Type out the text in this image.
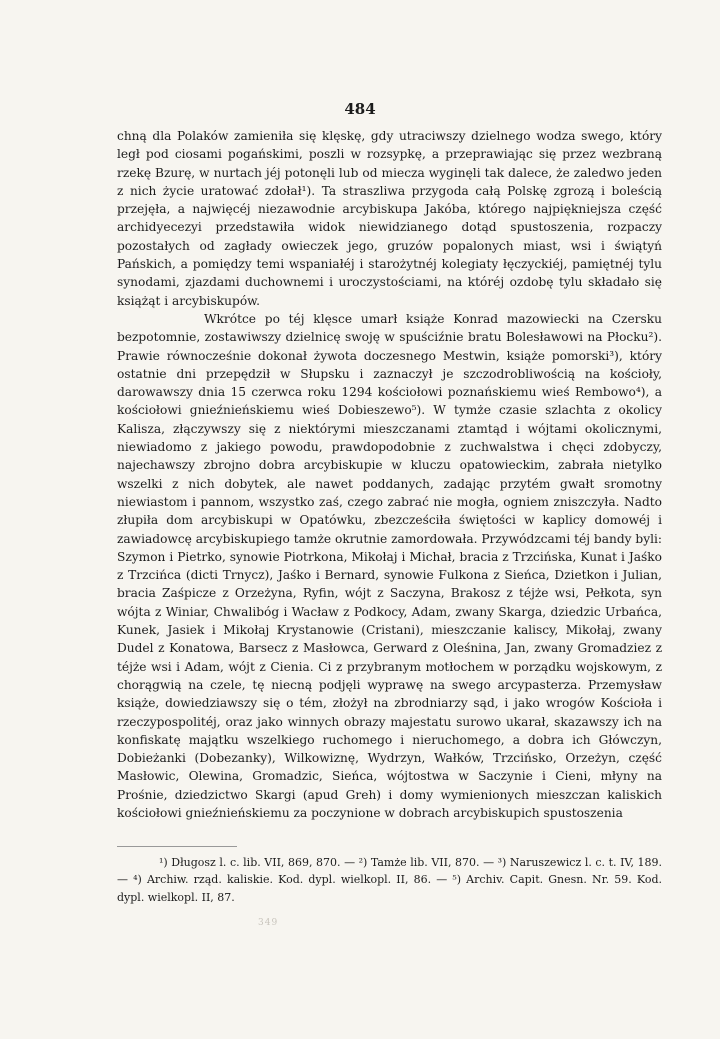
484

chną dla Polaków zamieniła się klęskę, gdy utraciwszy dzielnego wodza swego, który legł pod ciosami pogańskimi, poszli w rozsypkę, a przeprawiając się przez wezbraną rzekę Bzurę, w nurtach jéj potonęli lub od miecza wyginęli tak dalece, że zaledwo jeden z nich życie uratować zdołał¹). Ta straszliwa przygoda całą Polskę zgrozą i boleścią przejęła, a najwięcéj niezawodnie arcybiskupa Jakóba, którego najpiękniejsza część archidyecezyi przedstawiła widok niewidzianego dotąd spustoszenia, rozpaczy pozostałych od zagłady owieczek jego, gruzów popalonych miast, wsi i świątyń Pańskich, a pomiędzy temi wspaniałéj i starożytnéj kolegiaty łęczyckiéj, pamiętnéj tylu synodami, zjazdami duchownemi i uroczystościami, na któréj ozdobę tylu składało się książąt i arcybiskupów.

Wkrótce po téj klęsce umarł książe Konrad mazowiecki na Czersku bezpotomnie, zostawiwszy dzielnicę swoję w spuściźnie bratu Bolesławowi na Płocku²). Prawie równocześnie dokonał żywota doczesnego Mestwin, książe pomorski³), który ostatnie dni przepędził w Słupsku i zaznaczył je szczodrobliwością na kościoły, darowawszy dnia 15 czerwca roku 1294 kościołowi poznańskiemu wieś Rembowo⁴), a kościołowi gnieźnieńskiemu wieś Dobieszewo⁵). W tymże czasie szlachta z okolicy Kalisza, złączywszy się z niektórymi mieszczanami ztamtąd i wójtami okolicznymi, niewiadomo z jakiego powodu, prawdopodobnie z zuchwalstwa i chęci zdobyczy, najechawszy zbrojno dobra arcybiskupie w kluczu opatowieckim, zabrała nietylko wszelki z nich dobytek, ale nawet poddanych, zadając przytém gwałt sromotny niewiastom i pannom, wszystko zaś, czego zabrać nie mogła, ogniem zniszczyła. Nadto złupiła dom arcybiskupi w Opatówku, zbezcześciła świętości w kaplicy domowéj i zawiadowcę arcybiskupiego tamże okrutnie zamordowała. Przywódzcami téj bandy byli: Szymon i Pietrko, synowie Piotrkona, Mikołaj i Michał, bracia z Trzcińska, Kunat i Jaśko z Trzcińca (dicti Trnycz), Jaśko i Bernard, synowie Fulkona z Sieńca, Dzietkon i Julian, bracia Zaśpicze z Orzeżyna, Ryfin, wójt z Saczyna, Brakosz z téjże wsi, Pełkota, syn wójta z Winiar, Chwalibóg i Wacław z Podkocy, Adam, zwany Skarga, dziedzic Urbańca, Kunek, Jasiek i Mikołaj Krystanowie (Cristani), mieszczanie kaliscy, Mikołaj, zwany Dudel z Konatowa, Barsecz z Masłowca, Gerward z Oleśnina, Jan, zwany Gromadziez z téjże wsi i Adam, wójt z Cienia. Ci z przybranym motłochem w porządku wojskowym, z chorągwią na czele, tę niecną podjęli wyprawę na swego arcypasterza. Przemysław książe, dowiedziawszy się o tém, złożył na zbrodniarzy sąd, i jako wrogów Kościoła i rzeczypospolitéj, oraz jako winnych obrazy majestatu surowo ukarał, skazawszy ich na konfiskatę majątku wszelkiego ruchomego i nieruchomego, a dobra ich Główczyn, Dobieżanki (Dobezanky), Wilkowiznę, Wydrzyn, Wałków, Trzcińsko, Orzeżyn, część Masłowic, Olewina, Gromadzic, Sieńca, wójtostwa w Saczynie i Cieni, młyny na Prośnie, dziedzictwo Skargi (apud Greh) i domy wymienionych mieszczan kaliskich kościołowi gnieźnieńskiemu za poczynione w dobrach arcybiskupich spustoszenia

¹) Długosz l. c. lib. VII, 869, 870. — ²) Tamże lib. VII, 870. — ³) Naruszewicz l. c. t. IV, 189. — ⁴) Archiw. rząd. kaliskie. Kod. dypl. wielkopl. II, 86. — ⁵) Archiv. Capit. Gnesn. Nr. 59. Kod. dypl. wielkopl. II, 87.

349
